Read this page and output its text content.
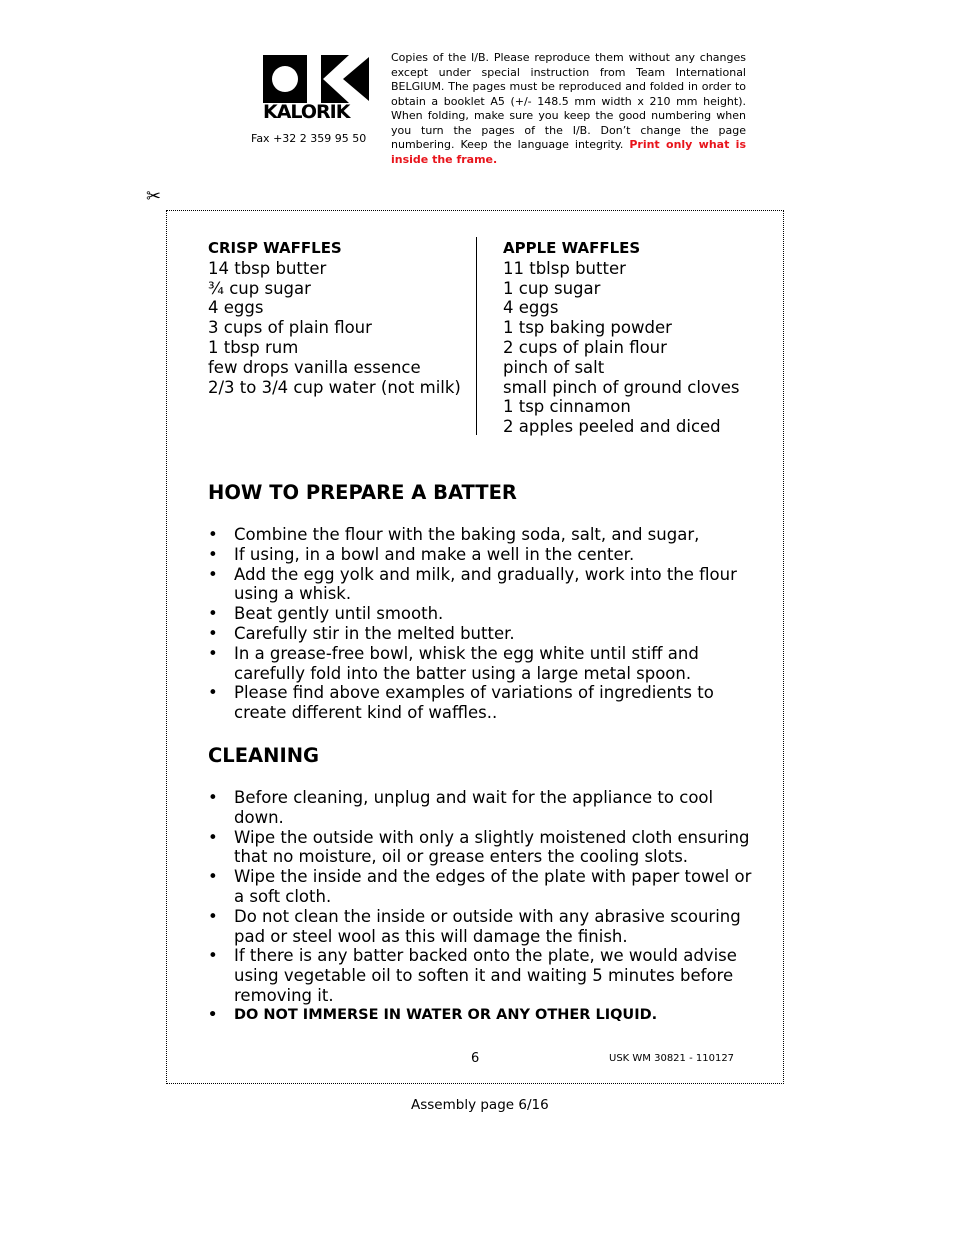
KALORIK
Fax +32 2 359 95 50
Copies of the I/B. Please reproduce them without any changes except under special instruction from Team International BELGIUM. The pages must be reproduced and folded in order to obtain a booklet A5 (+/- 148.5 mm width x 210 mm height). When folding, make sure you keep the good numbering when you turn the pages of the I/B. Don’t change the page numbering. Keep the language integrity. Print only what is inside the frame.
✂
CRISP WAFFLES
14 tbsp butter
¾ cup sugar
4 eggs
3 cups of plain flour
1 tbsp rum
few drops vanilla essence
2/3 to 3/4 cup water (not milk)
APPLE WAFFLES
11 tblsp butter
1 cup sugar
4 eggs
1 tsp baking powder
2 cups of plain flour
pinch of salt
small pinch of ground cloves
1 tsp cinnamon
2 apples peeled and diced
HOW TO PREPARE A BATTER
• Combine the flour with the baking soda, salt, and sugar,
• If using, in a bowl and make a well in the center.
• Add the egg yolk and milk, and gradually, work into the flour using a whisk.
• Beat gently until smooth.
• Carefully stir in the melted butter.
• In a grease-free bowl, whisk the egg white until stiff and carefully fold into the batter using a large metal spoon.
• Please find above examples of variations of ingredients to create different kind of waffles..
CLEANING
• Before cleaning, unplug and wait for the appliance to cool down.
• Wipe the outside with only a slightly moistened cloth ensuring that no moisture, oil or grease enters the cooling slots.
• Wipe the inside and the edges of the plate with paper towel or a soft cloth.
• Do not clean the inside or outside with any abrasive scouring pad or steel wool as this will damage the finish.
• If there is any batter backed onto the plate, we would advise using vegetable oil to soften it and waiting 5 minutes before removing it.
• DO NOT IMMERSE IN WATER OR ANY OTHER LIQUID.
6	USK WM 30821 - 110127
Assembly page 6/16
